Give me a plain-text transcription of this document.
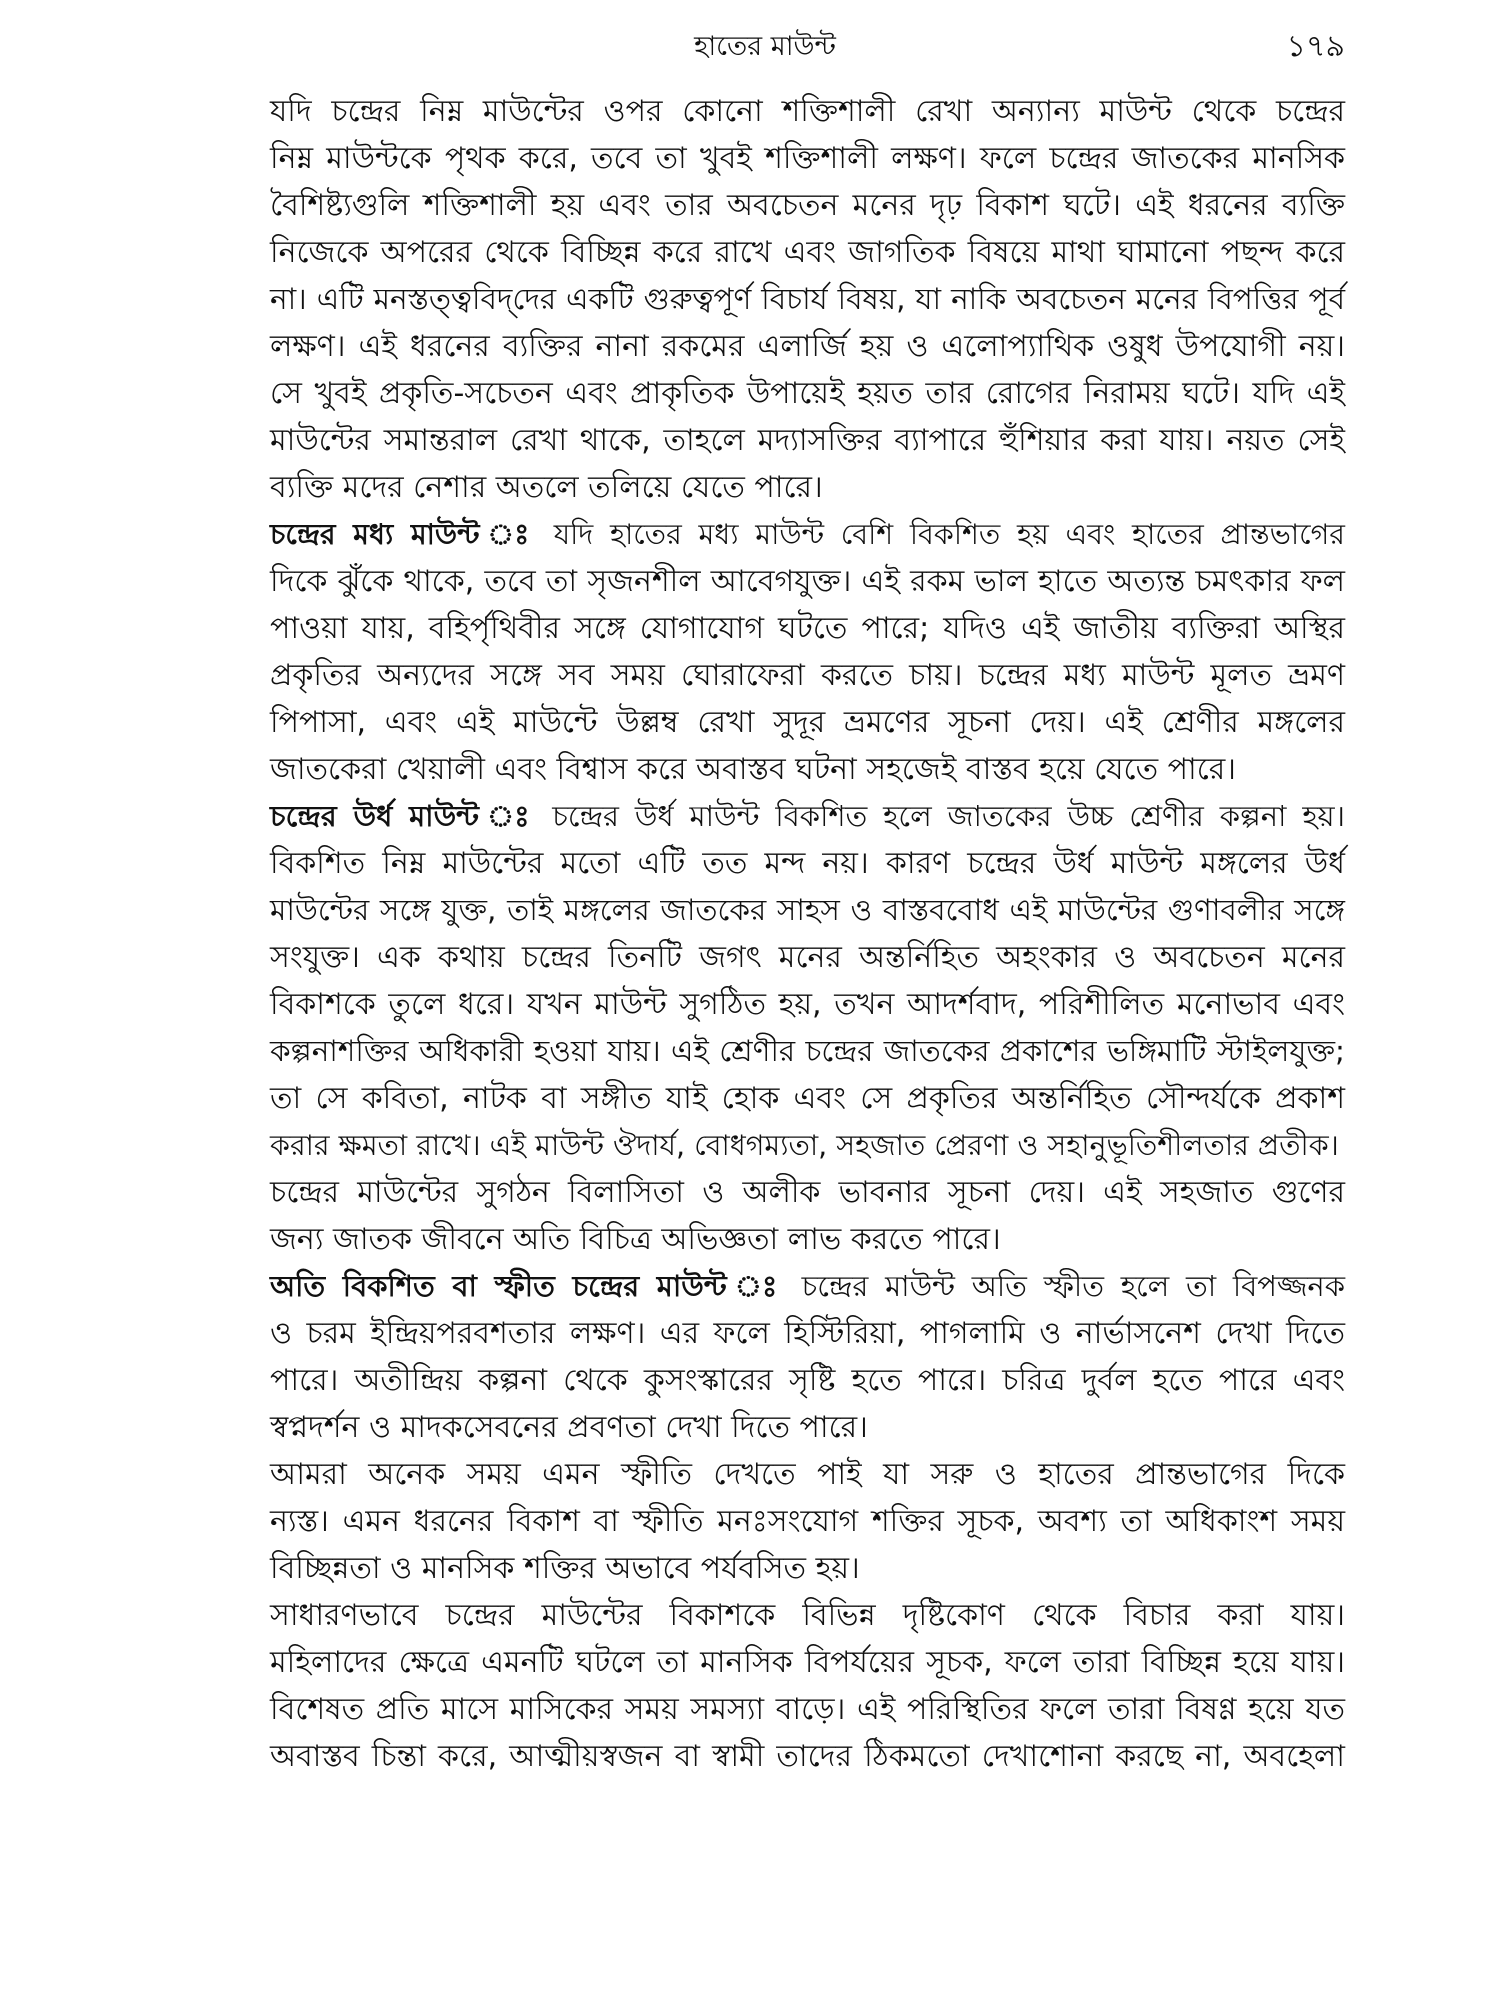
হাতের মাউন্ট	১৭৯

যদি চন্দ্রের নিম্ন মাউন্টের ওপর কোনো শক্তিশালী রেখা অন্যান্য মাউন্ট থেকে চন্দ্রের
নিম্ন মাউন্টকে পৃথক করে, তবে তা খুবই শক্তিশালী লক্ষণ। ফলে চন্দ্রের জাতকের মানসিক
বৈশিষ্ট্যগুলি শক্তিশালী হয় এবং তার অবচেতন মনের দৃঢ় বিকাশ ঘটে। এই ধরনের ব্যক্তি
নিজেকে অপরের থেকে বিচ্ছিন্ন করে রাখে এবং জাগতিক বিষয়ে মাথা ঘামানো পছন্দ করে
না। এটি মনস্তত্ত্ববিদ্‌দের একটি গুরুত্বপূর্ণ বিচার্য বিষয়, যা নাকি অবচেতন মনের বিপত্তির পূর্ব
লক্ষণ। এই ধরনের ব্যক্তির নানা রকমের এলার্জি হয় ও এলোপ্যাথিক ওষুধ উপযোগী নয়।
সে খুবই প্রকৃতি-সচেতন এবং প্রাকৃতিক উপায়েই হয়ত তার রোগের নিরাময় ঘটে। যদি এই
মাউন্টের সমান্তরাল রেখা থাকে, তাহলে মদ্যাসক্তির ব্যাপারে হুঁশিয়ার করা যায়। নয়ত সেই
ব্যক্তি মদের নেশার অতলে তলিয়ে যেতে পারে।

চন্দ্রের মধ্য মাউন্ট ঃ যদি হাতের মধ্য মাউন্ট বেশি বিকশিত হয় এবং হাতের প্রান্তভাগের
দিকে ঝুঁকে থাকে, তবে তা সৃজনশীল আবেগযুক্ত। এই রকম ভাল হাতে অত্যন্ত চমৎকার ফল
পাওয়া যায়, বহির্পৃথিবীর সঙ্গে যোগাযোগ ঘটতে পারে; যদিও এই জাতীয় ব্যক্তিরা অস্থির
প্রকৃতির অন্যদের সঙ্গে সব সময় ঘোরাফেরা করতে চায়। চন্দ্রের মধ্য মাউন্ট মূলত ভ্রমণ
পিপাসা, এবং এই মাউন্টে উল্লম্ব রেখা সুদূর ভ্রমণের সূচনা দেয়। এই শ্রেণীর মঙ্গলের
জাতকেরা খেয়ালী এবং বিশ্বাস করে অবাস্তব ঘটনা সহজেই বাস্তব হয়ে যেতে পারে।

চন্দ্রের উর্ধ মাউন্ট ঃ চন্দ্রের উর্ধ মাউন্ট বিকশিত হলে জাতকের উচ্চ শ্রেণীর কল্পনা হয়।
বিকশিত নিম্ন মাউন্টের মতো এটি তত মন্দ নয়। কারণ চন্দ্রের উর্ধ মাউন্ট মঙ্গলের উর্ধ
মাউন্টের সঙ্গে যুক্ত, তাই মঙ্গলের জাতকের সাহস ও বাস্তববোধ এই মাউন্টের গুণাবলীর সঙ্গে
সংযুক্ত। এক কথায় চন্দ্রের তিনটি জগৎ মনের অন্তর্নিহিত অহংকার ও অবচেতন মনের
বিকাশকে তুলে ধরে। যখন মাউন্ট সুগঠিত হয়, তখন আদর্শবাদ, পরিশীলিত মনোভাব এবং
কল্পনাশক্তির অধিকারী হওয়া যায়। এই শ্রেণীর চন্দ্রের জাতকের প্রকাশের ভঙ্গিমাটি স্টাইলযুক্ত;
তা সে কবিতা, নাটক বা সঙ্গীত যাই হোক এবং সে প্রকৃতির অন্তর্নিহিত সৌন্দর্যকে প্রকাশ
করার ক্ষমতা রাখে। এই মাউন্ট ঔদার্য, বোধগম্যতা, সহজাত প্রেরণা ও সহানুভূতিশীলতার প্রতীক।

চন্দ্রের মাউন্টের সুগঠন বিলাসিতা ও অলীক ভাবনার সূচনা দেয়। এই সহজাত গুণের
জন্য জাতক জীবনে অতি বিচিত্র অভিজ্ঞতা লাভ করতে পারে।

অতি বিকশিত বা স্ফীত চন্দ্রের মাউন্ট ঃ চন্দ্রের মাউন্ট অতি স্ফীত হলে তা বিপজ্জনক
ও চরম ইন্দ্রিয়পরবশতার লক্ষণ। এর ফলে হিস্টিরিয়া, পাগলামি ও নার্ভাসনেশ দেখা দিতে
পারে। অতীন্দ্রিয় কল্পনা থেকে কুসংস্কারের সৃষ্টি হতে পারে। চরিত্র দুর্বল হতে পারে এবং
স্বপ্নদর্শন ও মাদকসেবনের প্রবণতা দেখা দিতে পারে।

আমরা অনেক সময় এমন স্ফীতি দেখতে পাই যা সরু ও হাতের প্রান্তভাগের দিকে
ন্যস্ত। এমন ধরনের বিকাশ বা স্ফীতি মনঃসংযোগ শক্তির সূচক, অবশ্য তা অধিকাংশ সময়
বিচ্ছিন্নতা ও মানসিক শক্তির অভাবে পর্যবসিত হয়।

সাধারণভাবে চন্দ্রের মাউন্টের বিকাশকে বিভিন্ন দৃষ্টিকোণ থেকে বিচার করা যায়।
মহিলাদের ক্ষেত্রে এমনটি ঘটলে তা মানসিক বিপর্যয়ের সূচক, ফলে তারা বিচ্ছিন্ন হয়ে যায়।
বিশেষত প্রতি মাসে মাসিকের সময় সমস্যা বাড়ে। এই পরিস্থিতির ফলে তারা বিষণ্ণ হয়ে যত
অবাস্তব চিন্তা করে, আত্মীয়স্বজন বা স্বামী তাদের ঠিকমতো দেখাশোনা করছে না, অবহেলা
